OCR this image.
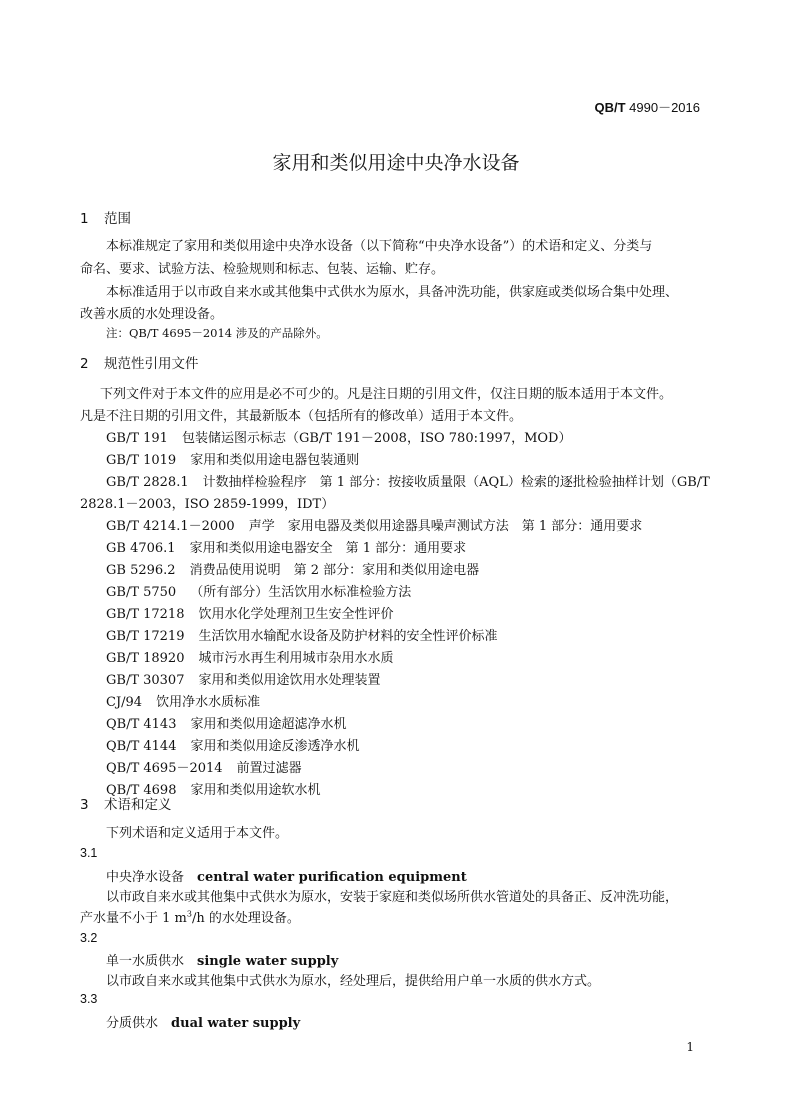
QB/T 4990－2016
家用和类似用途中央净水设备
1 范围
本标准规定了家用和类似用途中央净水设备（以下简称“中央净水设备”）的术语和定义、分类与
命名、要求、试验方法、检验规则和标志、包装、运输、贮存。
本标准适用于以市政自来水或其他集中式供水为原水，具备冲洗功能，供家庭或类似场合集中处理、
改善水质的水处理设备。
注：QB/T 4695－2014 涉及的产品除外。
2 规范性引用文件
下列文件对于本文件的应用是必不可少的。凡是注日期的引用文件，仅注日期的版本适用于本文件。
凡是不注日期的引用文件，其最新版本（包括所有的修改单）适用于本文件。
GB/T 191 包装储运图示标志（GB/T 191－2008，ISO 780:1997，MOD）
GB/T 1019 家用和类似用途电器包装通则
GB/T 2828.1 计数抽样检验程序　第 1 部分：按接收质量限（AQL）检索的逐批检验抽样计划（GB/T
2828.1－2003，ISO 2859-1999，IDT）
GB/T 4214.1－2000 声学　家用电器及类似用途器具噪声测试方法　第 1 部分：通用要求
GB 4706.1 家用和类似用途电器安全　第 1 部分：通用要求
GB 5296.2 消费品使用说明　第 2 部分：家用和类似用途电器
GB/T 5750 （所有部分）生活饮用水标准检验方法
GB/T 17218 饮用水化学处理剂卫生安全性评价
GB/T 17219 生活饮用水输配水设备及防护材料的安全性评价标准
GB/T 18920 城市污水再生利用城市杂用水水质
GB/T 30307 家用和类似用途饮用水处理装置
CJ/94 饮用净水水质标准
QB/T 4143 家用和类似用途超滤净水机
QB/T 4144 家用和类似用途反渗透净水机
QB/T 4695－2014 前置过滤器
QB/T 4698 家用和类似用途软水机
3 术语和定义
下列术语和定义适用于本文件。
3.1
中央净水设备　 central water purification equipment
以市政自来水或其他集中式供水为原水，安装于家庭和类似场所供水管道处的具备正、反冲洗功能，
产水量不小于 1 $m^3/h$ 的水处理设备。
3.2
单一水质供水　 single water supply
以市政自来水或其他集中式供水为原水，经处理后，提供给用户单一水质的供水方式。
3.3
分质供水　 dual water supply
1
